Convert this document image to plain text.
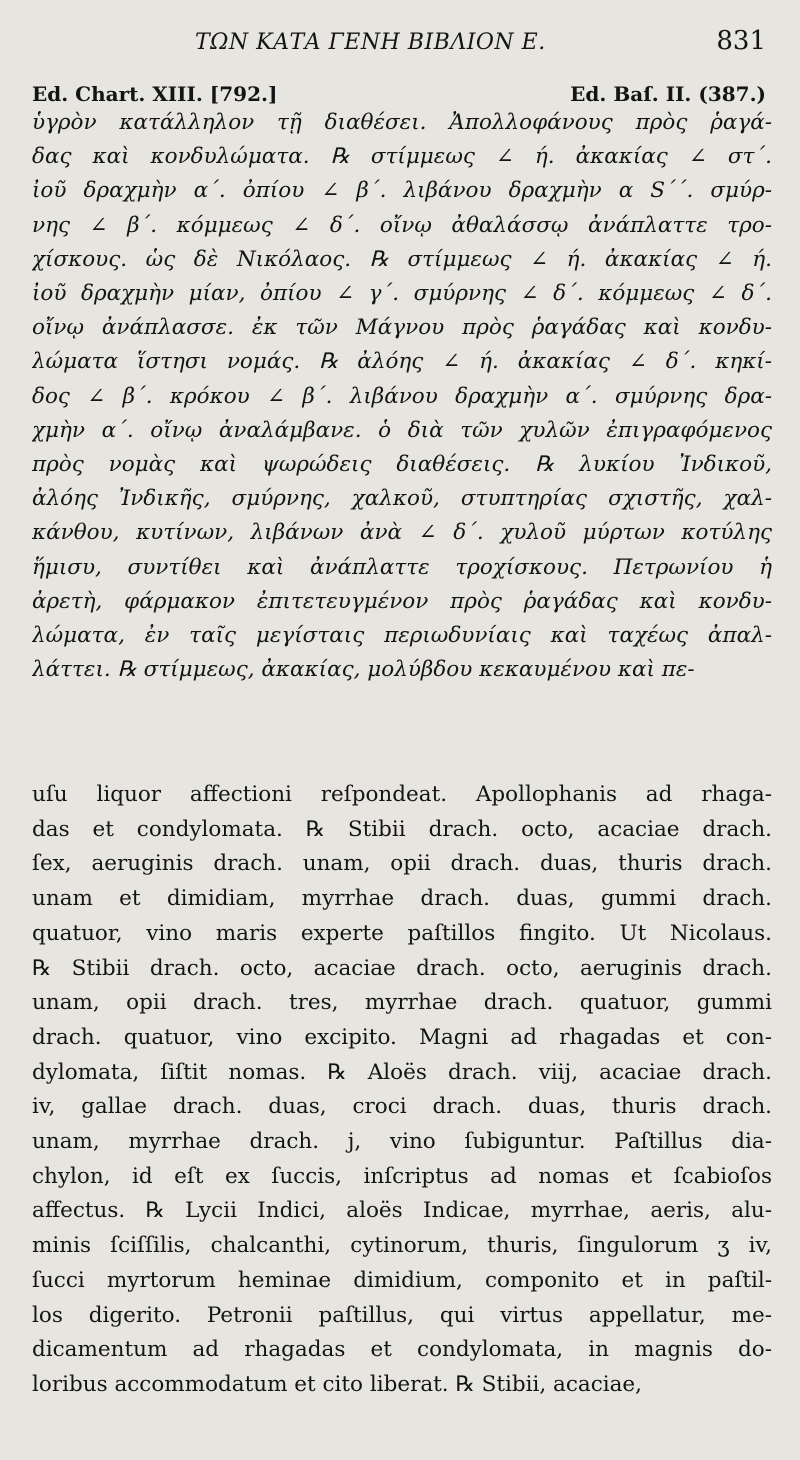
ΤΩΝ ΚΑΤΑ ΓΕΝΗ ΒΙΒΛΙΟΝ Ε.	831
Ed. Chart. XIII. [792.]	Ed. Baſ. II. (387.)
ὑγρὸν κατάλληλον τῇ διαθέσει. Ἀπολλοφάνους πρὸς ῥαγά-
δας καὶ κονδυλώματα. ℞ στίμμεως ∠ ή. ἀκακίας ∠ στ΄.
ἰοῦ δραχμὴν α΄. ὀπίου ∠ β΄. λιβάνου δραχμὴν α S΄΄. σμύρ-
νης ∠ β΄. κόμμεως ∠ δ΄. οἴνῳ ἀθαλάσσῳ ἀνάπλαττε τρο-
χίσκους. ὡς δὲ Νικόλαος. ℞ στίμμεως ∠ ή. ἀκακίας ∠ ή.
ἰοῦ δραχμὴν μίαν, ὀπίου ∠ γ΄. σμύρνης ∠ δ΄. κόμμεως ∠ δ΄.
οἴνῳ ἀνάπλασσε. ἐκ τῶν Μάγνου πρὸς ῥαγάδας καὶ κονδυ-
λώματα ἵστησι νομάς. ℞ ἀλόης ∠ ή. ἀκακίας ∠ δ΄. κηκί-
δος ∠ β΄. κρόκου ∠ β΄. λιβάνου δραχμὴν α΄. σμύρνης δρα-
χμὴν α΄. οἴνῳ ἀναλάμβανε. ὁ διὰ τῶν χυλῶν ἐπιγραφόμενος
πρὸς νομὰς καὶ ψωρώδεις διαθέσεις. ℞ λυκίου Ἰνδικοῦ,
ἀλόης Ἰνδικῆς, σμύρνης, χαλκοῦ, στυπτηρίας σχιστῆς, χαλ-
κάνθου, κυτίνων, λιβάνων ἀνὰ ∠ δ΄. χυλοῦ μύρτων κοτύλης
ἥμισυ, συντίθει καὶ ἀνάπλαττε τροχίσκους. Πετρωνίου ἡ
ἀρετὴ, φάρμακον ἐπιτετευγμένον πρὸς ῥαγάδας καὶ κονδυ-
λώματα, ἐν ταῖς μεγίσταις περιωδυνίαις καὶ ταχέως ἀπαλ-
λάττει. ℞ στίμμεως, ἀκακίας, μολύβδου κεκαυμένου καὶ πε-
uſu liquor affectioni reſpondeat. Apollophanis ad rhaga-
das et condylomata. ℞ Stibii drach. octo, acaciae drach.
ſex, aeruginis drach. unam, opii drach. duas, thuris drach.
unam et dimidiam, myrrhae drach. duas, gummi drach.
quatuor, vino maris experte paſtillos fingito. Ut Nicolaus.
℞ Stibii drach. octo, acaciae drach. octo, aeruginis drach.
unam, opii drach. tres, myrrhae drach. quatuor, gummi
drach. quatuor, vino excipito. Magni ad rhagadas et con-
dylomata, ſiſtit nomas. ℞ Aloës drach. viij, acaciae drach.
iv, gallae drach. duas, croci drach. duas, thuris drach.
unam, myrrhae drach. j, vino ſubiguntur. Paſtillus dia-
chylon, id eſt ex ſuccis, inſcriptus ad nomas et ſcabioſos
affectus. ℞ Lycii Indici, aloës Indicae, myrrhae, aeris, alu-
minis ſciſſilis, chalcanthi, cytinorum, thuris, ſingulorum ʒ iv,
ſucci myrtorum heminae dimidium, componito et in paſtil-
los digerito. Petronii paſtillus, qui virtus appellatur, me-
dicamentum ad rhagadas et condylomata, in magnis do-
loribus accommodatum et cito liberat. ℞ Stibii, acaciae,
